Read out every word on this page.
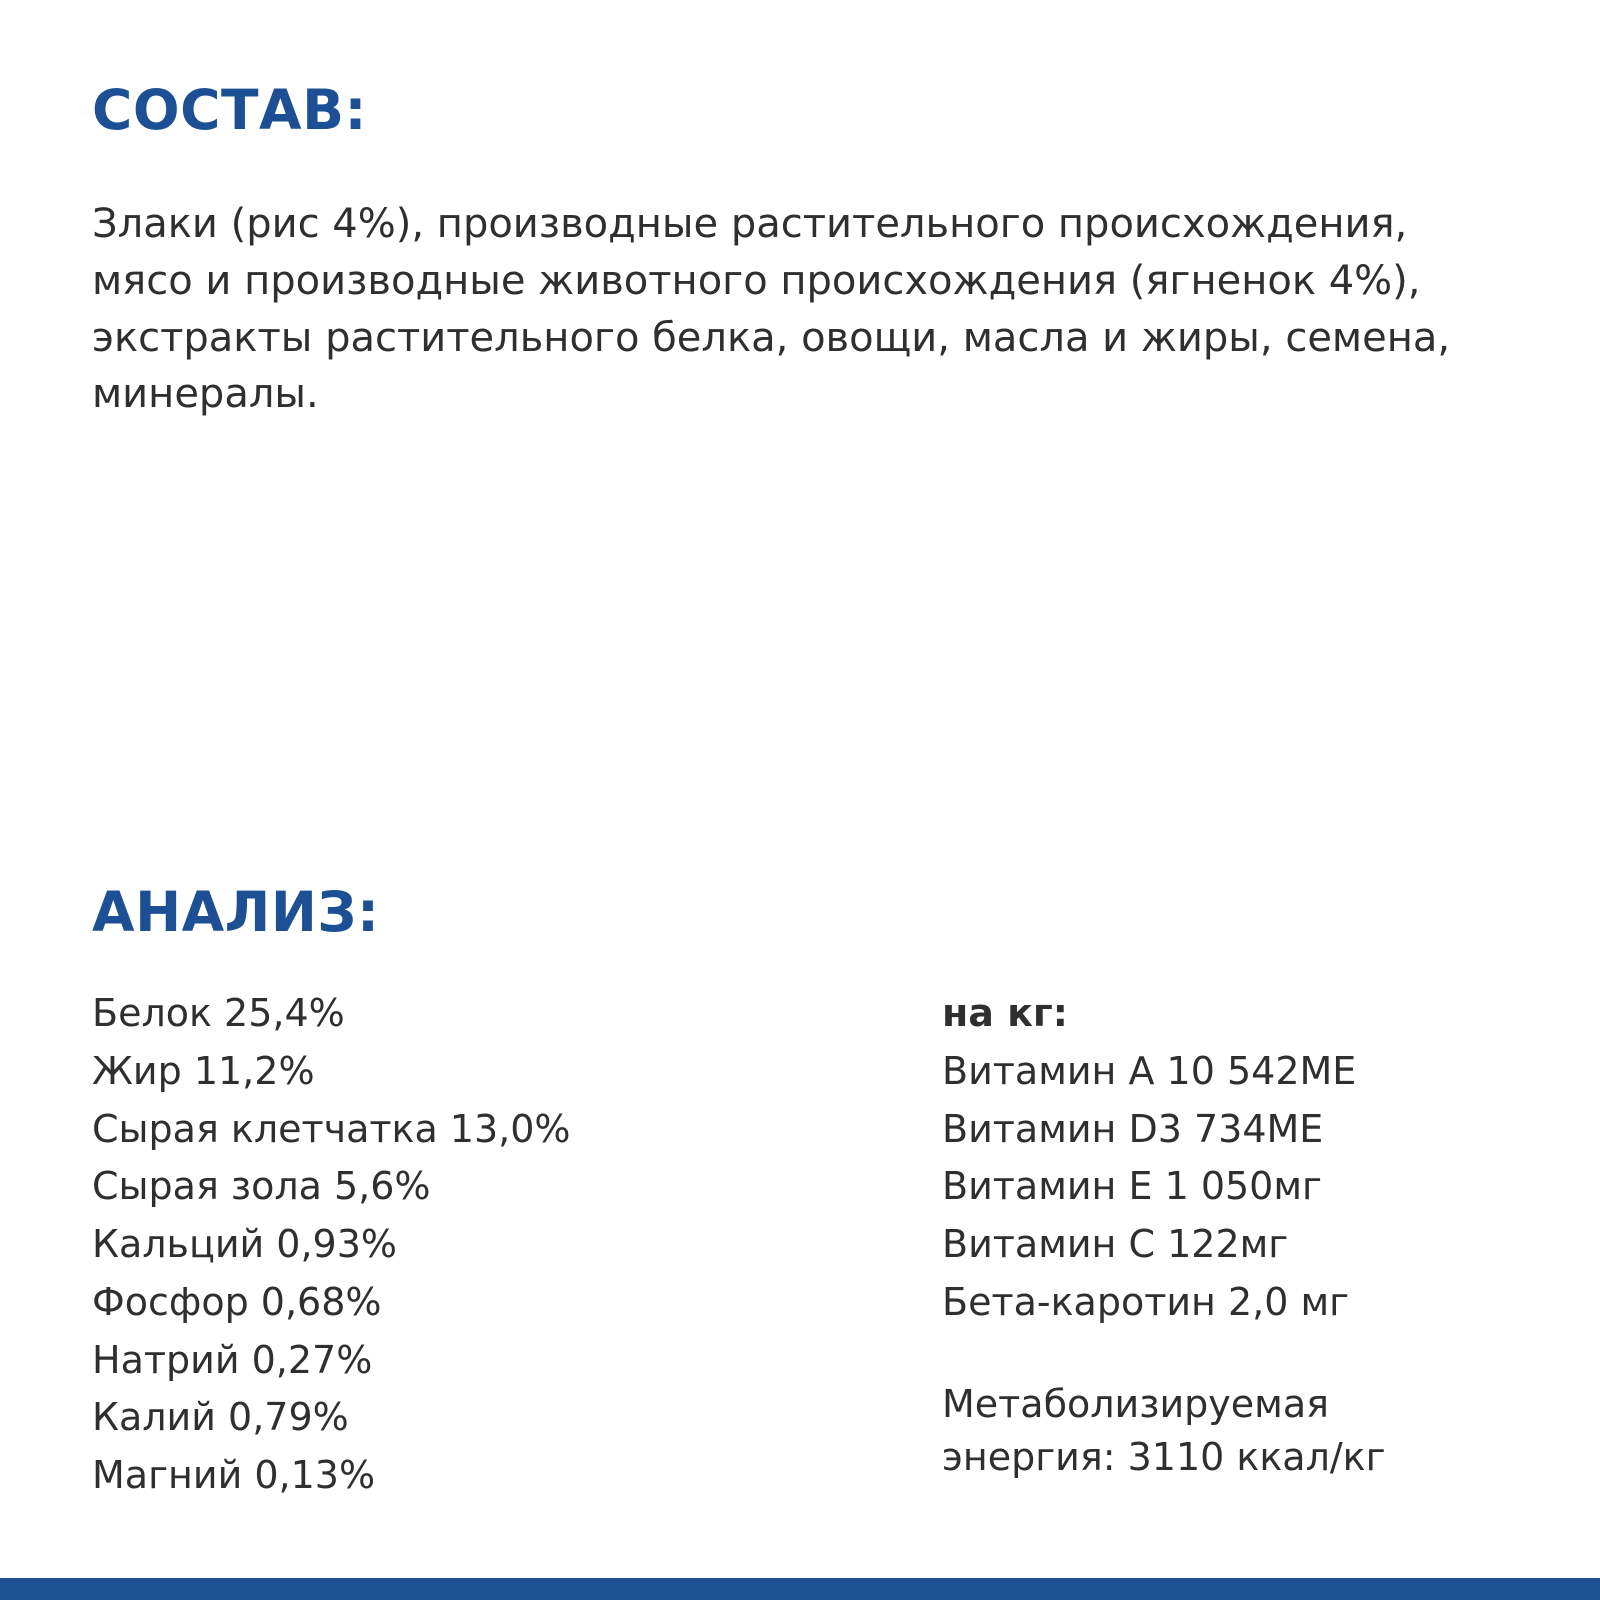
СОСТАВ:
Злаки (рис 4%), производные растительного происхождения, мясо и производные животного происхождения (ягненок 4%), экстракты растительного белка, овощи, масла и жиры, семена, минералы.
АНАЛИЗ:
Белок 25,4%
Жир 11,2%
Сырая клетчатка 13,0%
Сырая зола 5,6%
Кальций 0,93%
Фосфор 0,68%
Натрий 0,27%
Калий 0,79%
Магний 0,13%
на кг:
Витамин A 10 542МЕ
Витамин D3 734МЕ
Витамин E 1 050мг
Витамин C 122мг
Бета-каротин 2,0 мг
Метаболизируемая
энергия: 3110 ккал/кг
